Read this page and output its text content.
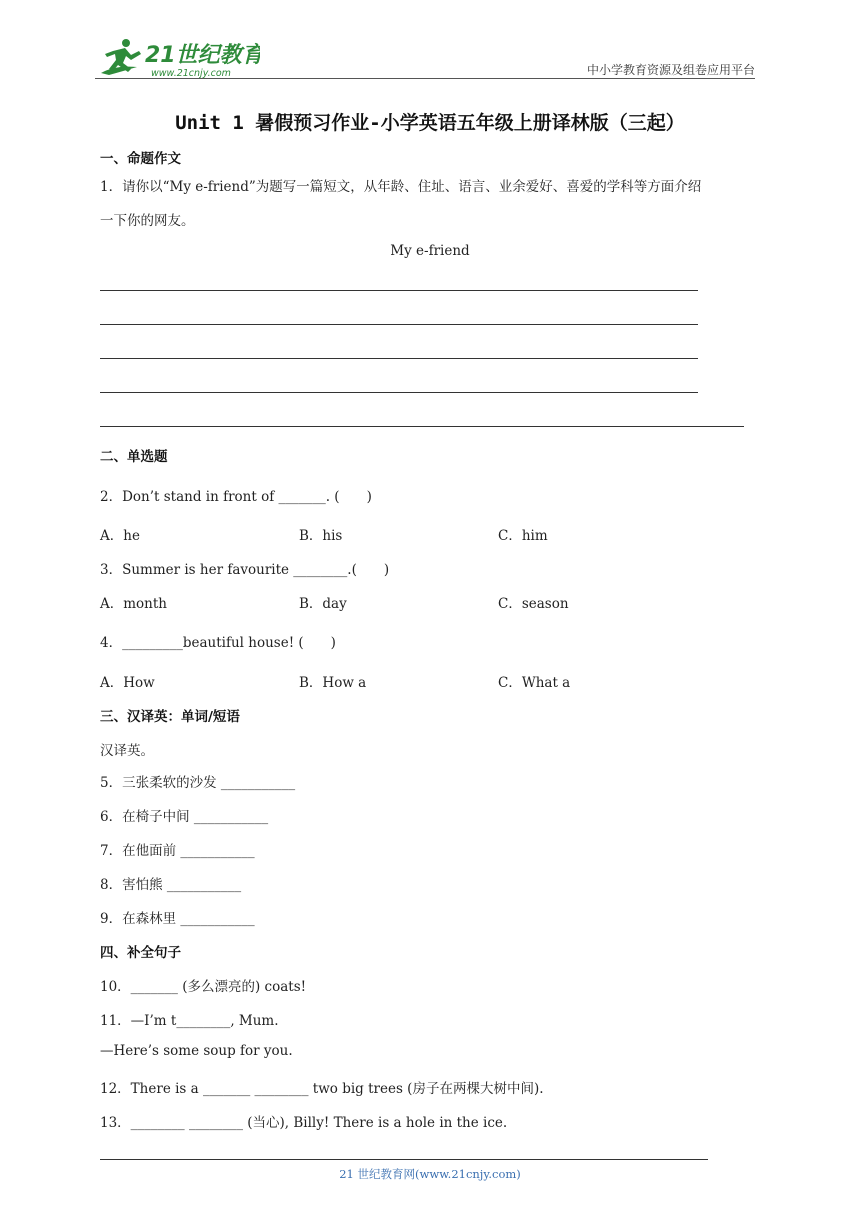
21世纪教育
www.21cnjy.com	中小学教育资源及组卷应用平台
Unit 1 暑假预习作业-小学英语五年级上册译林版（三起）
一、命题作文
1．请你以“My e-friend”为题写一篇短文，从年龄、住址、语言、业余爱好、喜爱的学科等方面介绍
一下你的网友。
My e-friend
二、单选题
2．Don’t stand in front of _______. (　　)
A．he	B．his	C．him
3．Summer is her favourite ________.(　　)
A．month	B．day	C．season
4．_________beautiful house! (　　)
A．How	B．How a	C．What a
三、汉译英：单词/短语
汉译英。
5．三张柔软的沙发 ___________
6．在椅子中间 ___________
7．在他面前 ___________
8．害怕熊 ___________
9．在森林里 ___________
四、补全句子
10．_______ (多么漂亮的) coats!
11．—I’m t________, Mum.
—Here’s some soup for you.
12．There is a _______ ________ two big trees (房子在两棵大树中间).
13．________ ________ (当心), Billy! There is a hole in the ice.
21 世纪教育网(www.21cnjy.com)
